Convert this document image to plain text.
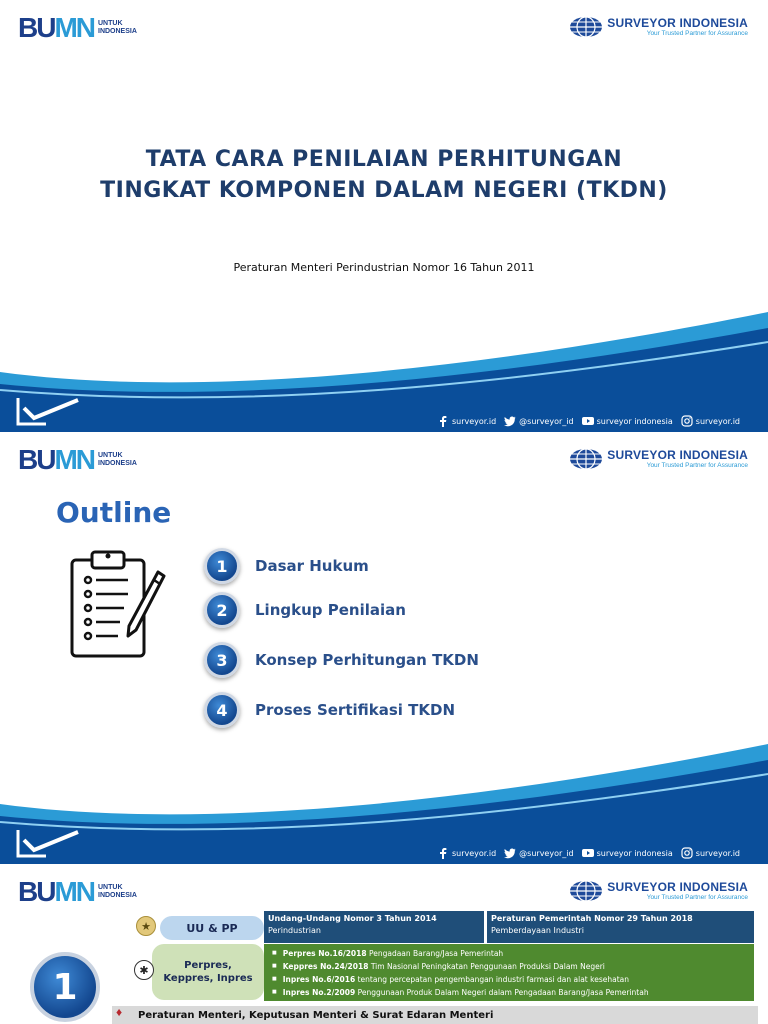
BUMN UNTUK
INDONESIA
SURVEYOR INDONESIA
Your Trusted Partner for Assurance
TATA CARA PENILAIAN PERHITUNGAN
TINGKAT KOMPONEN DALAM NEGERI (TKDN)
Peraturan Menteri Perindustrian Nomor 16 Tahun 2011
surveyor.id	@surveyor_id	surveyor indonesia	surveyor.id
BUMN UNTUK
INDONESIA
SURVEYOR INDONESIA
Your Trusted Partner for Assurance
Outline
1	Dasar Hukum
2	Lingkup Penilaian
3	Konsep Perhitungan TKDN
4	Proses Sertifikasi TKDN
surveyor.id	@surveyor_id	surveyor indonesia	surveyor.id
BUMN UNTUK
INDONESIA
SURVEYOR INDONESIA
Your Trusted Partner for Assurance
★	UU & PP
Undang-Undang Nomor 3 Tahun 2014
Perindustrian
Peraturan Pemerintah Nomor 29 Tahun 2018
Pemberdayaan Industri
Perpres,
Keppres, Inpres
✱
■ Perpres No.16/2018 Pengadaan Barang/Jasa Pemerintah
■ Keppres No.24/2018 Tim Nasional Peningkatan Penggunaan Produksi Dalam Negeri
■ Inpres No.6/2016 tentang percepatan pengembangan industri farmasi dan alat kesehatan
■ Inpres No.2/2009 Penggunaan Produk Dalam Negeri dalam Pengadaan Barang/Jasa Pemerintah
1
Peraturan Menteri, Keputusan Menteri & Surat Edaran Menteri
♦
